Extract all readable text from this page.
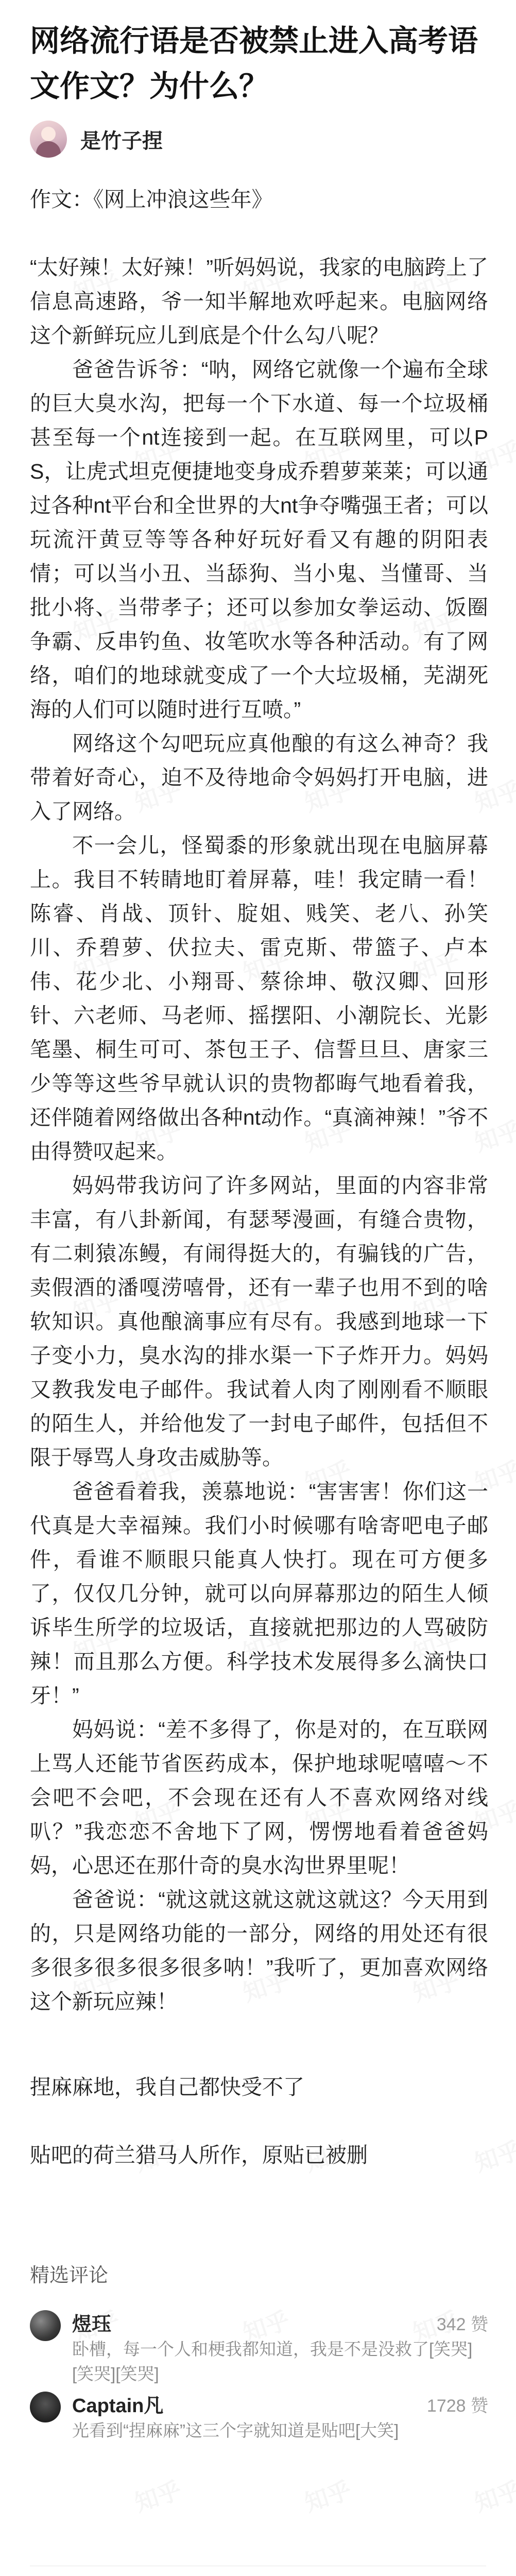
网络流行语是否被禁止进入高考语文作文？为什么？
是竹子捏

作文：《网上冲浪这些年》

“太好辣！太好辣！”听妈妈说，我家的电脑跨上了信息高速路，爷一知半解地欢呼起来。电脑网络这个新鲜玩应儿到底是个什么勾八呢？

爸爸告诉爷：“呐，网络它就像一个遍布全球的巨大臭水沟，把每一个下水道、每一个垃圾桶甚至每一个nt连接到一起。在互联网里，可以PS，让虎式坦克便捷地变身成乔碧萝莱莱；可以通过各种nt平台和全世界的大nt争夺嘴强王者；可以玩流汗黄豆等等各种好玩好看又有趣的阴阳表情；可以当小丑、当舔狗、当小鬼、当懂哥、当批小将、当带孝子；还可以参加女拳运动、饭圈争霸、反串钓鱼、妆笔吹水等各种活动。有了网络，咱们的地球就变成了一个大垃圾桶，芜湖死海的人们可以随时进行互喷。”

网络这个勾吧玩应真他酿的有这么神奇？我带着好奇心，迫不及待地命令妈妈打开电脑，进入了网络。

不一会儿，怪蜀黍的形象就出现在电脑屏幕上。我目不转睛地盯着屏幕，哇！我定睛一看！陈睿、肖战、顶针、腚姐、贱笑、老八、孙笑川、乔碧萝、伏拉夫、雷克斯、带篮子、卢本伟、花少北、小翔哥、蔡徐坤、敬汉卿、回形针、六老师、马老师、摇摆阳、小潮院长、光影笔墨、桐生可可、茶包王子、信誓旦旦、唐家三少等等这些爷早就认识的贵物都晦气地看着我，还伴随着网络做出各种nt动作。“真滴神辣！”爷不由得赞叹起来。

妈妈带我访问了许多网站，里面的内容非常丰富，有八卦新闻，有瑟琴漫画，有缝合贵物，有二刺猿冻鳗，有闹得挺大的，有骗钱的广告，卖假酒的潘嘎涝嘻骨，还有一辈子也用不到的啥软知识。真他酿滴事应有尽有。我感到地球一下子变小力，臭水沟的排水渠一下子炸开力。妈妈又教我发电子邮件。我试着人肉了刚刚看不顺眼的陌生人，并给他发了一封电子邮件，包括但不限于辱骂人身攻击威胁等。

爸爸看着我，羡慕地说：“害害害！你们这一代真是大幸福辣。我们小时候哪有啥寄吧电子邮件，看谁不顺眼只能真人快打。现在可方便多了，仅仅几分钟，就可以向屏幕那边的陌生人倾诉毕生所学的垃圾话，直接就把那边的人骂破防辣！而且那么方便。科学技术发展得多么滴快口牙！”

妈妈说：“差不多得了，你是对的，在互联网上骂人还能节省医药成本，保护地球呢嘻嘻～不会吧不会吧，不会现在还有人不喜欢网络对线叭？”我恋恋不舍地下了网，愣愣地看着爸爸妈妈，心思还在那什奇的臭水沟世界里呢！

爸爸说：“就这就这就这就这就这？今天用到的，只是网络功能的一部分，网络的用处还有很多很多很多很多很多呐！”我听了，更加喜欢网络这个新玩应辣！

捏麻麻地，我自己都快受不了

贴吧的荷兰猎马人所作，原贴已被删

精选评论

煜珏	342 赞
卧槽，每一个人和梗我都知道，我是不是没救了[笑哭][笑哭][笑哭]
Captain凡	1728 赞
光看到“捏麻麻”这三个字就知道是贴吧[大笑]
